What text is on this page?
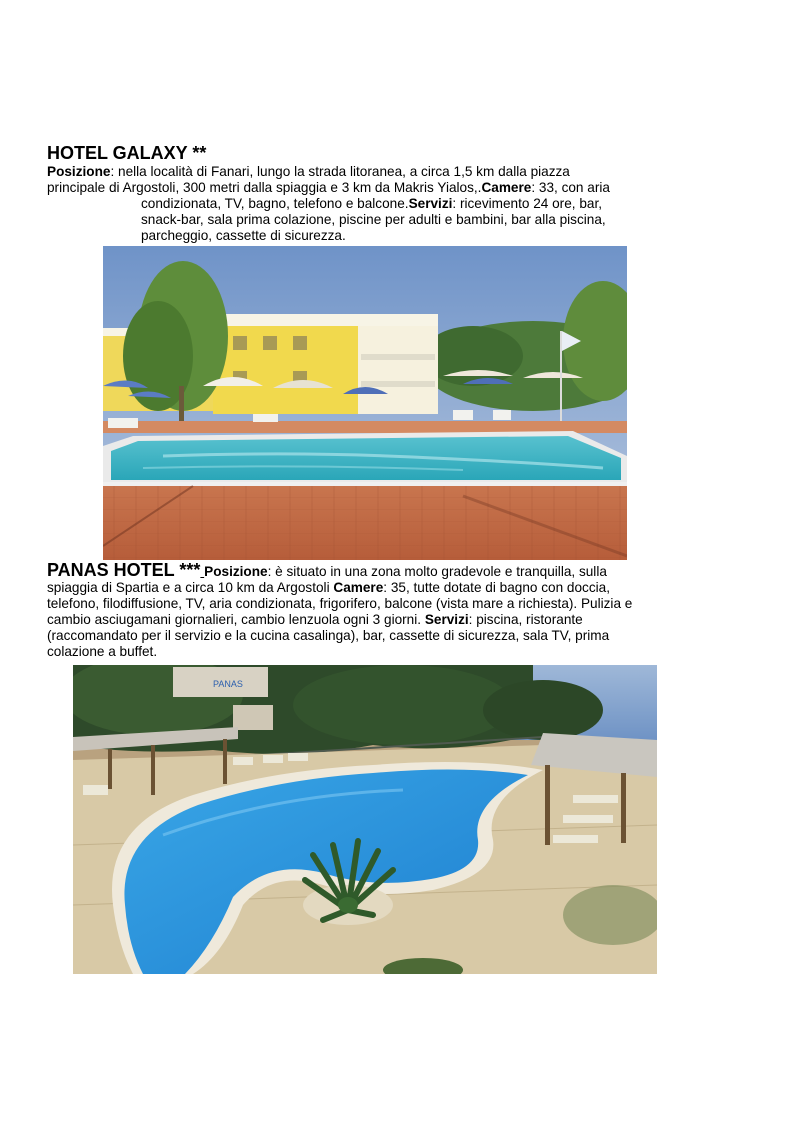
HOTEL GALAXY **
Posizione: nella località di Fanari, lungo la strada litoranea, a circa 1,5 km dalla piazza
principale di Argostoli, 300 metri dalla spiaggia e 3 km da Makris Yialos,.Camere: 33, con aria
condizionata, TV, bagno, telefono e balcone.Servizi: ricevimento 24 ore, bar,
snack-bar, sala prima colazione, piscine per adulti e bambini, bar alla piscina,
parcheggio, cassette di sicurezza.
PANAS HOTEL *** Posizione: è situato in una zona molto gradevole e tranquilla, sulla
spiaggia di Spartia e a circa 10 km da Argostoli Camere: 35, tutte dotate di bagno con doccia,
telefono, filodiffusione, TV, aria condizionata, frigorifero, balcone (vista mare a richiesta). Pulizia e
cambio asciugamani giornalieri, cambio lenzuola ogni 3 giorni. Servizi: piscina, ristorante
(raccomandato per il servizio e la cucina casalinga), bar, cassette di sicurezza, sala TV, prima
colazione a buffet.
PANAS
